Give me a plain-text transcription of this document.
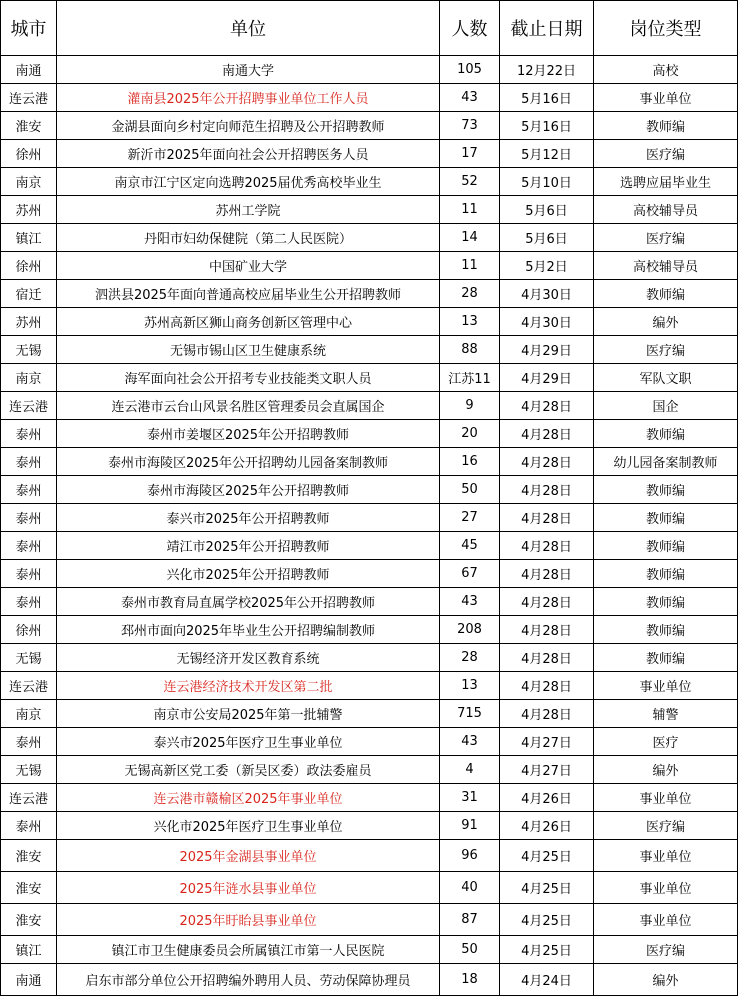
城市	单位	人数	截止日期	岗位类型
南通	南通大学	105	12月22日	高校
连云港	灌南县2025年公开招聘事业单位工作人员	43	5月16日	事业单位
淮安	金湖县面向乡村定向师范生招聘及公开招聘教师	73	5月16日	教师编
徐州	新沂市2025年面向社会公开招聘医务人员	17	5月12日	医疗编
南京	南京市江宁区定向选聘2025届优秀高校毕业生	52	5月10日	选聘应届毕业生
苏州	苏州工学院	11	5月6日	高校辅导员
镇江	丹阳市妇幼保健院（第二人民医院）	14	5月6日	医疗编
徐州	中国矿业大学	11	5月2日	高校辅导员
宿迁	泗洪县2025年面向普通高校应届毕业生公开招聘教师	28	4月30日	教师编
苏州	苏州高新区狮山商务创新区管理中心	13	4月30日	编外
无锡	无锡市锡山区卫生健康系统	88	4月29日	医疗编
南京	海军面向社会公开招考专业技能类文职人员	江苏11	4月29日	军队文职
连云港	连云港市云台山风景名胜区管理委员会直属国企	9	4月28日	国企
泰州	泰州市姜堰区2025年公开招聘教师	20	4月28日	教师编
泰州	泰州市海陵区2025年公开招聘幼儿园备案制教师	16	4月28日	幼儿园备案制教师
泰州	泰州市海陵区2025年公开招聘教师	50	4月28日	教师编
泰州	泰兴市2025年公开招聘教师	27	4月28日	教师编
泰州	靖江市2025年公开招聘教师	45	4月28日	教师编
泰州	兴化市2025年公开招聘教师	67	4月28日	教师编
泰州	泰州市教育局直属学校2025年公开招聘教师	43	4月28日	教师编
徐州	邳州市面向2025年毕业生公开招聘编制教师	208	4月28日	教师编
无锡	无锡经济开发区教育系统	28	4月28日	教师编
连云港	连云港经济技术开发区第二批	13	4月28日	事业单位
南京	南京市公安局2025年第一批辅警	715	4月28日	辅警
泰州	泰兴市2025年医疗卫生事业单位	43	4月27日	医疗
无锡	无锡高新区党工委（新吴区委）政法委雇员	4	4月27日	编外
连云港	连云港市赣榆区2025年事业单位	31	4月26日	事业单位
泰州	兴化市2025年医疗卫生事业单位	91	4月26日	医疗编
淮安	2025年金湖县事业单位	96	4月25日	事业单位
淮安	2025年涟水县事业单位	40	4月25日	事业单位
淮安	2025年盱眙县事业单位	87	4月25日	事业单位
镇江	镇江市卫生健康委员会所属镇江市第一人民医院	50	4月25日	医疗编
南通	启东市部分单位公开招聘编外聘用人员、劳动保障协理员	18	4月24日	编外
